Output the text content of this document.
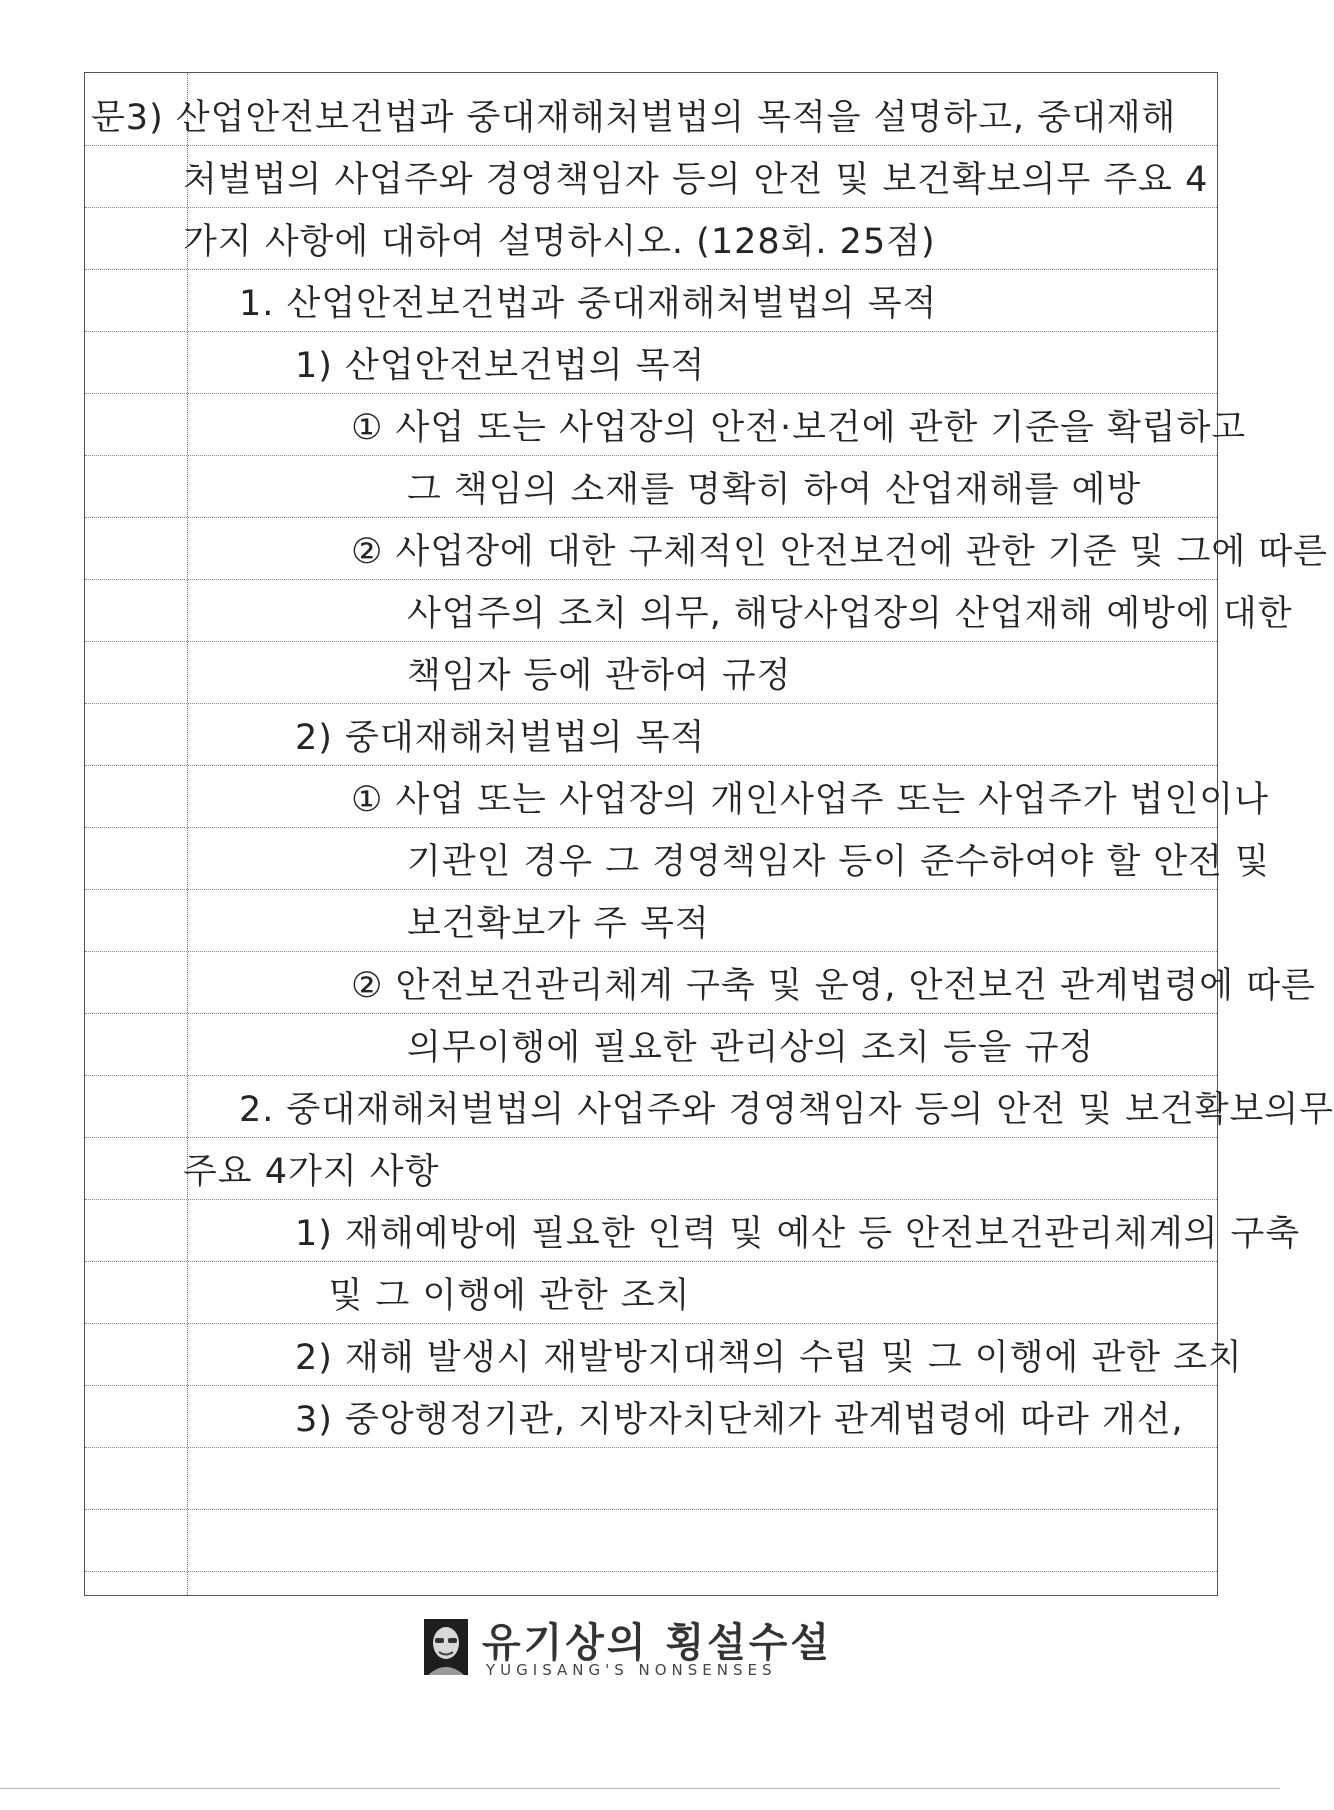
문3) 산업안전보건법과 중대재해처벌법의 목적을 설명하고, 중대재해
처벌법의 사업주와 경영책임자 등의 안전 및 보건확보의무 주요 4
가지 사항에 대하여 설명하시오. (128회. 25점)
1. 산업안전보건법과 중대재해처벌법의 목적
1) 산업안전보건법의 목적
① 사업 또는 사업장의 안전·보건에 관한 기준을 확립하고
그 책임의 소재를 명확히 하여 산업재해를 예방
② 사업장에 대한 구체적인 안전보건에 관한 기준 및 그에 따른
사업주의 조치 의무, 해당사업장의 산업재해 예방에 대한
책임자 등에 관하여 규정
2) 중대재해처벌법의 목적
① 사업 또는 사업장의 개인사업주 또는 사업주가 법인이나
기관인 경우 그 경영책임자 등이 준수하여야 할 안전 및
보건확보가 주 목적
② 안전보건관리체계 구축 및 운영, 안전보건 관계법령에 따른
의무이행에 필요한 관리상의 조치 등을 규정
2. 중대재해처벌법의 사업주와 경영책임자 등의 안전 및 보건확보의무
주요 4가지 사항
1) 재해예방에 필요한 인력 및 예산 등 안전보건관리체계의 구축
및 그 이행에 관한 조치
2) 재해 발생시 재발방지대책의 수립 및 그 이행에 관한 조치
3) 중앙행정기관, 지방자치단체가 관계법령에 따라 개선,
유기상의 횡설수설
YUGISANG'S NONSENSES
